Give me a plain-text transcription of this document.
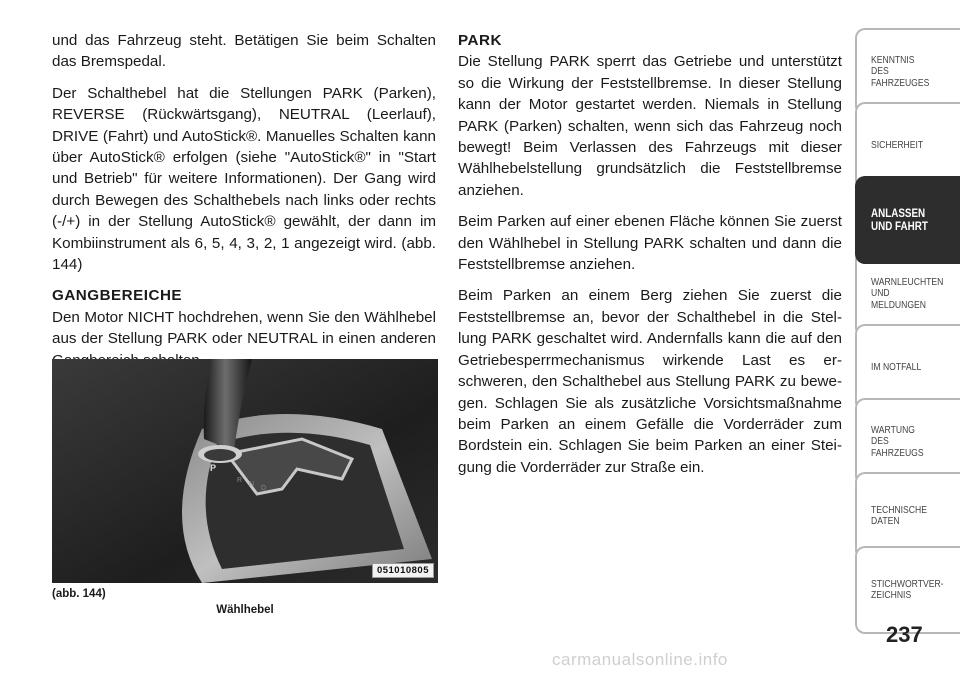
und das Fahrzeug steht. Betätigen Sie beim Schalten das Bremspedal.

Der Schalthebel hat die Stellungen PARK (Parken), REVERSE (Rückwärtsgang), NEUTRAL (Leerlauf), DRIVE (Fahrt) und AutoStick®. Manuelles Schalten kann über AutoStick® erfolgen (siehe "AutoStick®" in "Start und Betrieb" für weitere Informationen). Der Gang wird durch Bewegen des Schalthebels nach links oder rechts (-/+) in der Stellung AutoStick® gewählt, der dann im Kombiinstrument als 6, 5, 4, 3, 2, 1 angezeigt wird. (abb. 144)

GANGBEREICHE

Den Motor NICHT hochdrehen, wenn Sie den Wählhebel aus der Stellung PARK oder NEUTRAL in einen anderen

P
R
N
D
051010805
(abb. 144)
Wählhebel
PARK

Die Stellung PARK sperrt das Getriebe und unterstützt so die Wirkung der Feststellbremse. In dieser Stellung kann der Motor gestartet werden. Niemals in Stellung PARK (Parken) schalten, wenn sich das Fahrzeug noch bewegt! Beim Verlassen des Fahrzeugs mit dieser Wählhebelstellung grundsätzlich die Feststellbremse anziehen.

Beim Parken auf einer ebenen Fläche können Sie zuerst den Wählhebel in Stellung PARK schalten und dann die Feststellbremse anziehen.

Beim Parken an einem Berg ziehen Sie zuerst die Feststellbremse an, bevor der Schalthebel in die Stellung PARK geschaltet wird. Andernfalls kann die auf den Getriebesperrmechanismus wirkende Last es erschweren, den Schalthebel aus Stellung PARK zu bewegen. Schlagen Sie als zusätzliche Vorsichtsmaßnahme beim Parken an einem Gefälle die Vorderräder zum Bordstein ein. Schlagen Sie beim Parken an einer Steigung die Vorderräder zur Straße ein.

KENNTNIS
DES
FAHRZEUGES
SICHERHEIT
ANLASSEN
UND FAHRT
WARNLEUCHTEN
UND
MELDUNGEN
IM NOTFALL
WARTUNG
DES
FAHRZEUGS
TECHNISCHE
DATEN
STICHWORTVER-
ZEICHNIS
237
carmanualsonline.info
